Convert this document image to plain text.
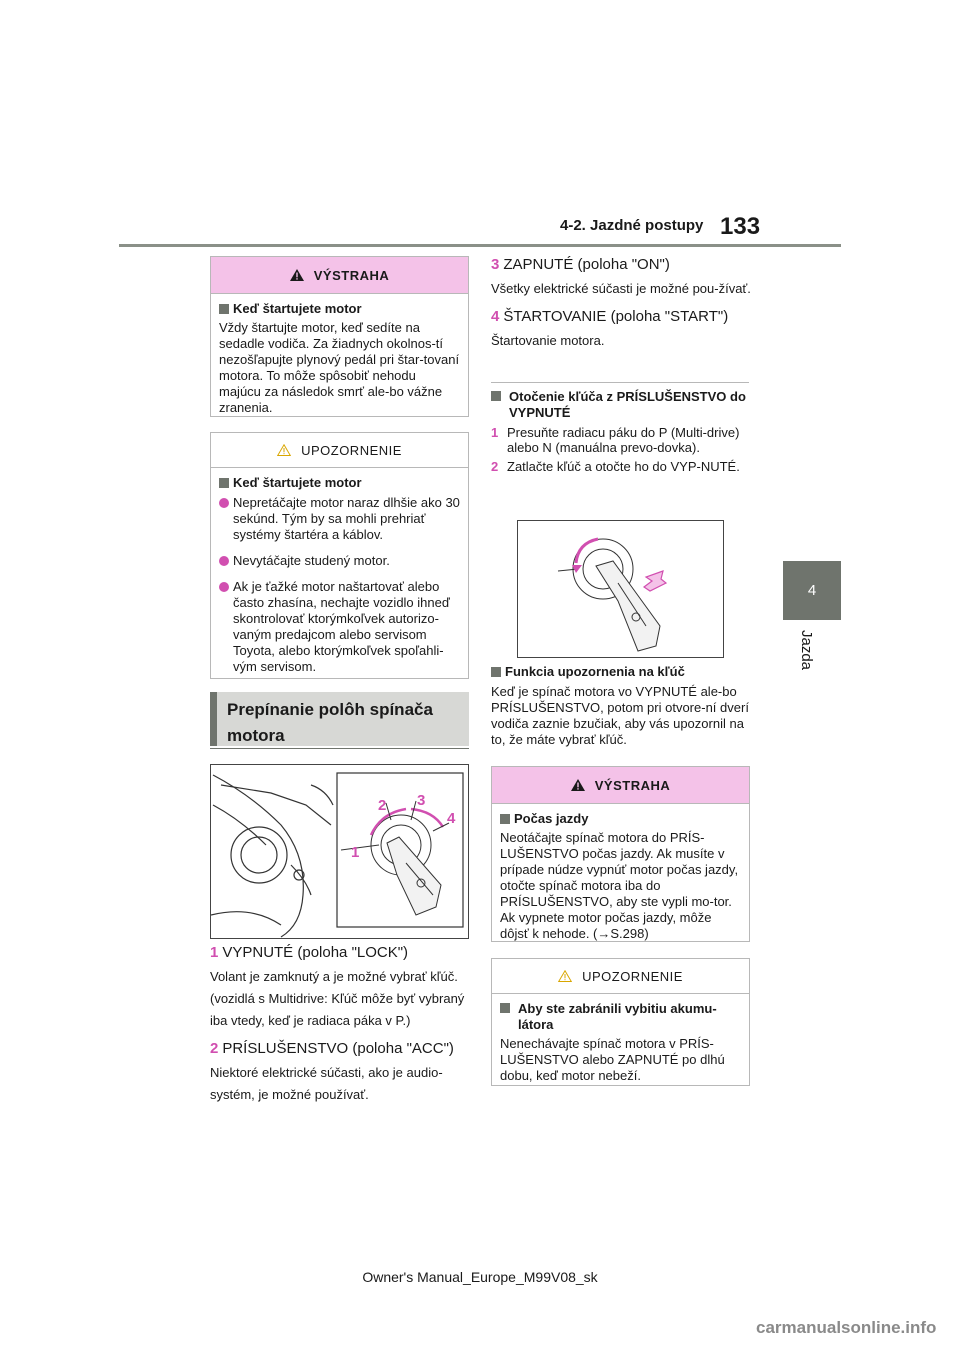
4-2. Jazdné postupy 133
4
Jazda
VÝSTRAHA
Keď štartujete motor
Vždy štartujte motor, keď sedíte na sedadle vodiča. Za žiadnych okolnos-tí nezošľapujte plynový pedál pri štar-tovaní motora. To môže spôsobiť nehodu majúcu za následok smrť ale-bo vážne zranenia.
UPOZORNENIE
Keď štartujete motor
Nepretáčajte motor naraz dlhšie ako 30 sekúnd. Tým by sa mohli prehriať systémy štartéra a káblov.
Nevytáčajte studený motor.
Ak je ťažké motor naštartovať alebo často zhasína, nechajte vozidlo ihneď skontrolovať ktorýmkoľvek autorizo-vaným predajcom alebo servisom Toyota, alebo ktorýmkoľvek spoľahli-vým servisom.
Prepínanie polôh spínača motora
1
2 3
4
1 VYPNUTÉ (poloha "LOCK")
Volant je zamknutý a je možné vybrať kľúč. (vozidlá s Multidrive: Kľúč môže byť vybraný iba vtedy, keď je radiaca páka v P.)
2 PRÍSLUŠENSTVO (poloha "ACC")
Niektoré elektrické súčasti, ako je audio-systém, je možné používať.
3 ZAPNUTÉ (poloha "ON")
Všetky elektrické súčasti je možné pou-žívať.
4 ŠTARTOVANIE (poloha "START")
Štartovanie motora.
Otočenie kľúča z PRÍSLUŠENSTVO do VYPNUTÉ
1 Presuňte radiacu páku do P (Multi-drive) alebo N (manuálna prevo-dovka).
2 Zatlačte kľúč a otočte ho do VYP-NUTÉ.
Funkcia upozornenia na kľúč
Keď je spínač motora vo VYPNUTÉ ale-bo PRÍSLUŠENSTVO, potom pri otvore-ní dverí vodiča zaznie bzučiak, aby vás upozornil na to, že máte vybrať kľúč.
VÝSTRAHA
Počas jazdy
Neotáčajte spínač motora do PRÍS-LUŠENSTVO počas jazdy. Ak musíte v prípade núdze vypnúť motor počas jazdy, otočte spínač motora iba do PRÍSLUŠENSTVO, aby ste vypli mo-tor. Ak vypnete motor počas jazdy, môže dôjsť k nehode. (→S.298)
UPOZORNENIE
Aby ste zabránili vybitiu akumu-látora
Nenechávajte spínač motora v PRÍS-LUŠENSTVO alebo ZAPNUTÉ po dlhú dobu, keď motor nebeží.
Owner's Manual_Europe_M99V08_sk
carmanualsonline.info
